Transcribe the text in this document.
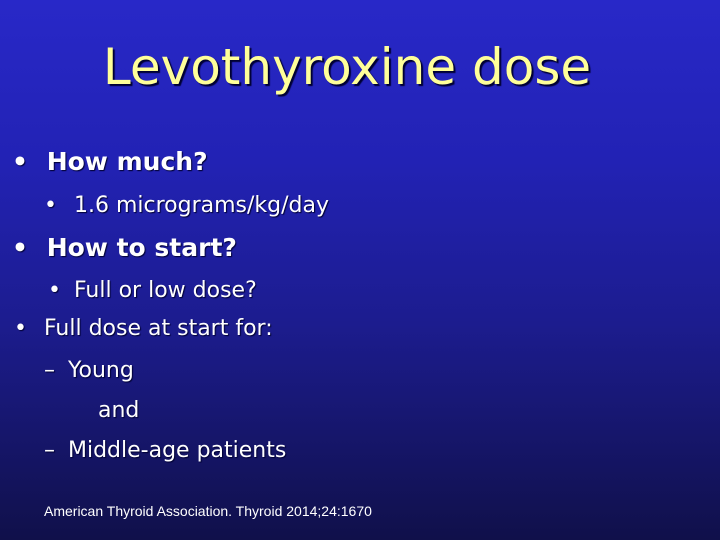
Levothyroxine dose
• How much?
• 1.6 micrograms/kg/day
• How to start?
• Full or low dose?
• Full dose at start for:
– Young
and
– Middle-age patients
American Thyroid Association. Thyroid 2014;24:1670
